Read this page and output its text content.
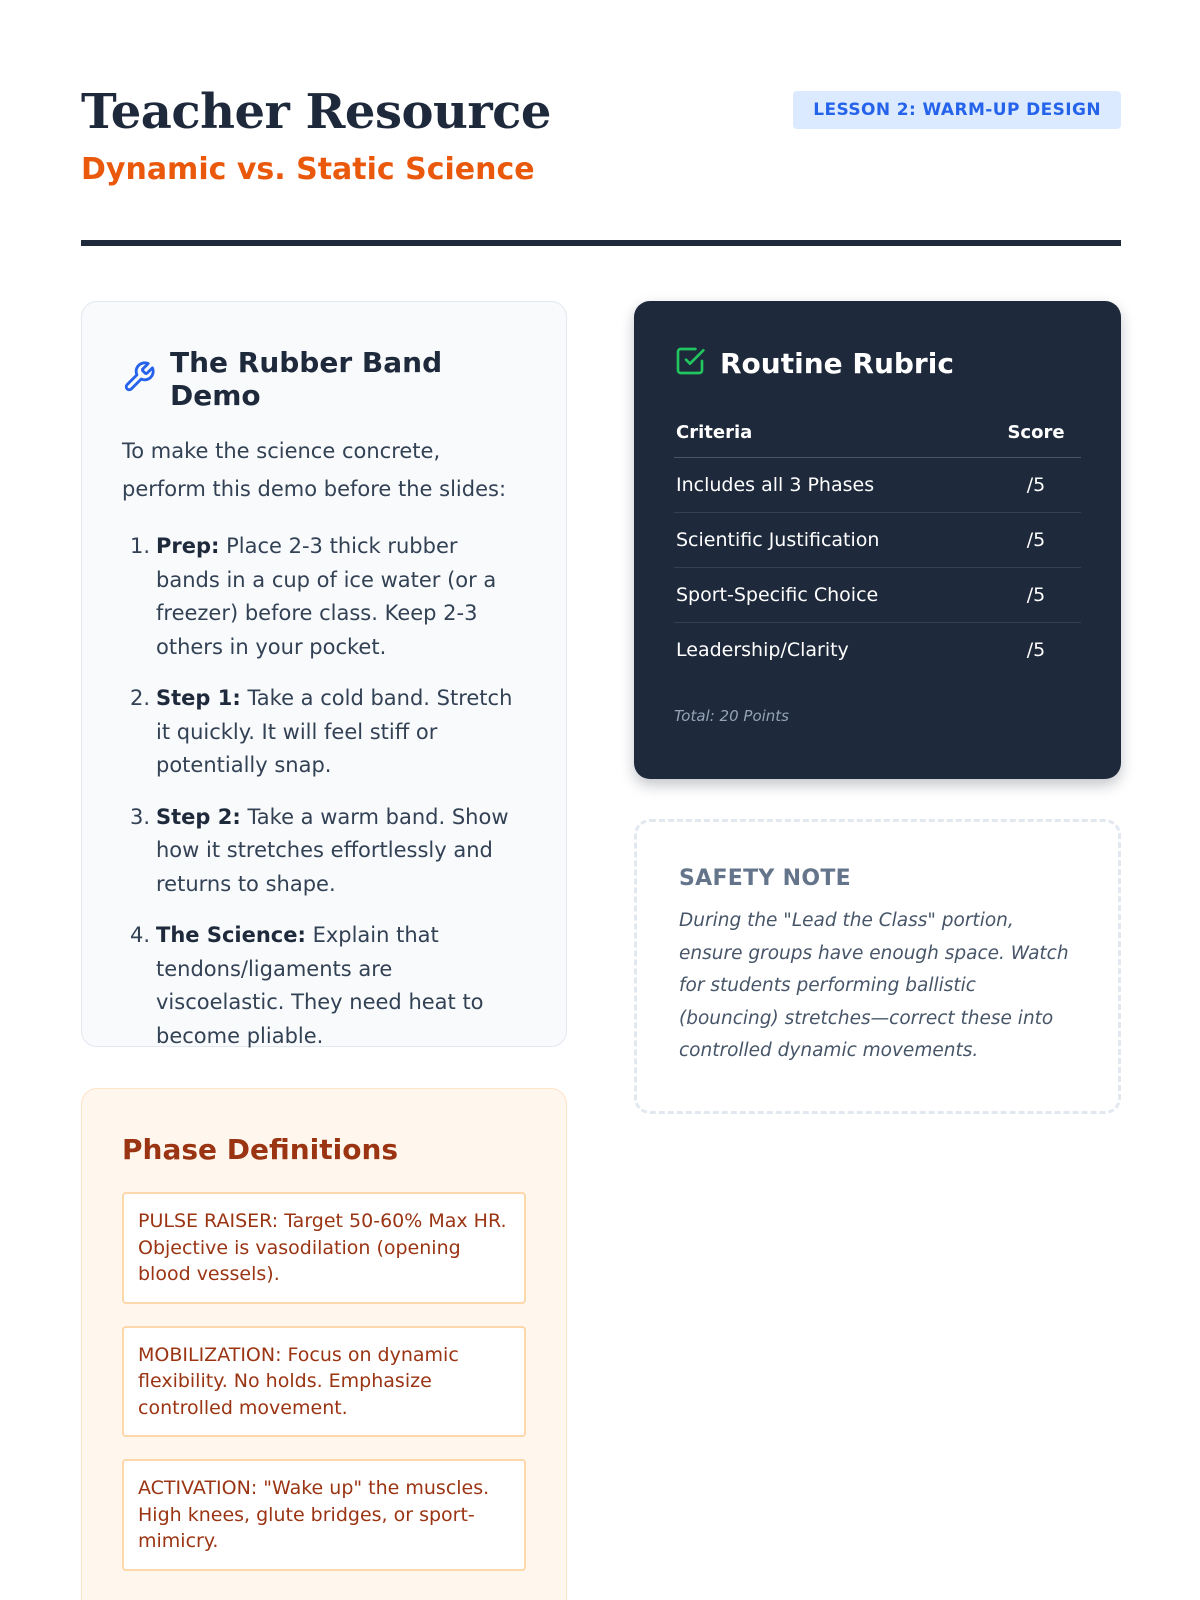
Teacher Resource
Dynamic vs. Static Science
LESSON 2: WARM-UP DESIGN
The Rubber Band Demo

To make the science concrete, perform this demo before the slides:

1. Prep: Place 2-3 thick rubber bands in a cup of ice water (or a freezer) before class. Keep 2-3 others in your pocket.
2. Step 1: Take a cold band. Stretch it quickly. It will feel stiff or potentially snap.
3. Step 2: Take a warm band. Show how it stretches effortlessly and returns to shape.
4. The Science: Explain that tendons/ligaments are viscoelastic. They need heat to become pliable.
Phase Definitions
PULSE RAISER: Target 50-60% Max HR. Objective is vasodilation (opening blood vessels).
MOBILIZATION: Focus on dynamic flexibility. No holds. Emphasize controlled movement.
ACTIVATION: "Wake up" the muscles. High knees, glute bridges, or sport-mimicry.
Routine Rubric
Criteria	Score
Includes all 3 Phases	/5
Scientific Justification	/5
Sport-Specific Choice	/5
Leadership/Clarity	/5
Total: 20 Points
SAFETY NOTE

During the "Lead the Class" portion, ensure groups have enough space. Watch for students performing ballistic (bouncing) stretches—correct these into controlled dynamic movements.
